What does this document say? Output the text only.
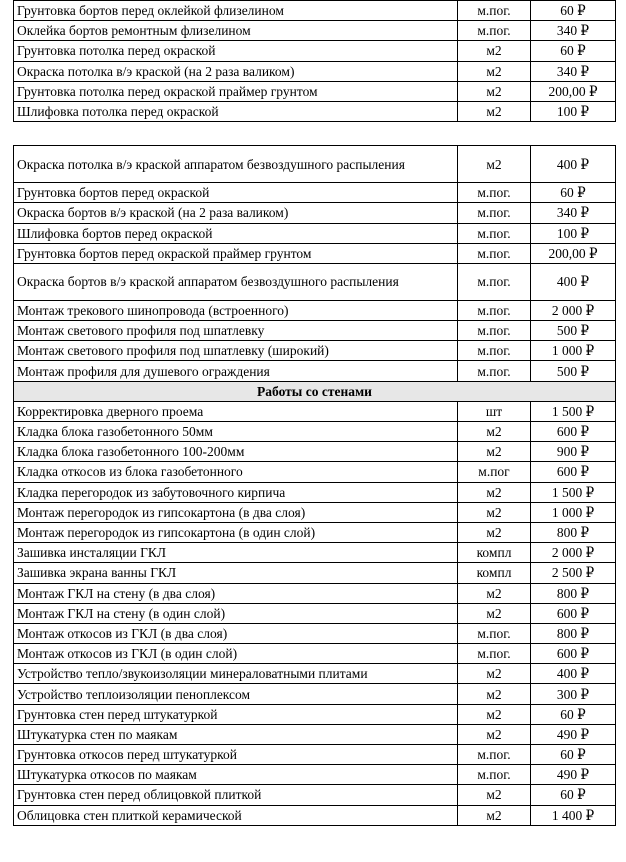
Грунтовка бортов перед оклейкой флизелином	м.пог.	60 ₽
Оклейка бортов ремонтным флизелином	м.пог.	340 ₽
Грунтовка потолка перед окраской	м2	60 ₽
Окраска потолка в/э краской (на 2 раза валиком)	м2	340 ₽
Грунтовка потолка перед окраской праймер грунтом	м2	200,00 ₽
Шлифовка потолка перед окраской	м2	100 ₽
Окраска потолка в/э краской аппаратом безвоздушного распыления	м2	400 ₽
Грунтовка бортов перед окраской	м.пог.	60 ₽
Окраска бортов в/э краской (на 2 раза валиком)	м.пог.	340 ₽
Шлифовка бортов перед окраской	м.пог.	100 ₽
Грунтовка бортов перед окраской праймер грунтом	м.пог.	200,00 ₽
Окраска бортов в/э краской аппаратом безвоздушного распыления	м.пог.	400 ₽
Монтаж трекового шинопровода (встроенного)	м.пог.	2 000 ₽
Монтаж светового профиля под шпатлевку	м.пог.	500 ₽
Монтаж светового профиля под шпатлевку (широкий)	м.пог.	1 000 ₽
Монтаж профиля для душевого ограждения	м.пог.	500 ₽
Работы со стенами		
Корректировка дверного проема	шт	1 500 ₽
Кладка блока газобетонного 50мм	м2	600 ₽
Кладка блока газобетонного 100-200мм	м2	900 ₽
Кладка откосов из блока газобетонного	м.пог	600 ₽
Кладка перегородок из забутовочного кирпича	м2	1 500 ₽
Монтаж перегородок из гипсокартона (в два слоя)	м2	1 000 ₽
Монтаж перегородок из гипсокартона (в один слой)	м2	800 ₽
Зашивка инсталяции ГКЛ	компл	2 000 ₽
Зашивка экрана ванны ГКЛ	компл	2 500 ₽
Монтаж ГКЛ на стену (в два слоя)	м2	800 ₽
Монтаж ГКЛ на стену (в один слой)	м2	600 ₽
Монтаж откосов из ГКЛ (в два слоя)	м.пог.	800 ₽
Монтаж откосов из ГКЛ (в один слой)	м.пог.	600 ₽
Устройство тепло/звукоизоляции минераловатными плитами	м2	400 ₽
Устройство теплоизоляции пеноплексом	м2	300 ₽
Грунтовка стен перед штукатуркой	м2	60 ₽
Штукатурка стен по маякам	м2	490 ₽
Грунтовка откосов перед штукатуркой	м.пог.	60 ₽
Штукатурка откосов по маякам	м.пог.	490 ₽
Грунтовка стен перед облицовкой плиткой	м2	60 ₽
Облицовка стен плиткой керамической	м2	1 400 ₽
